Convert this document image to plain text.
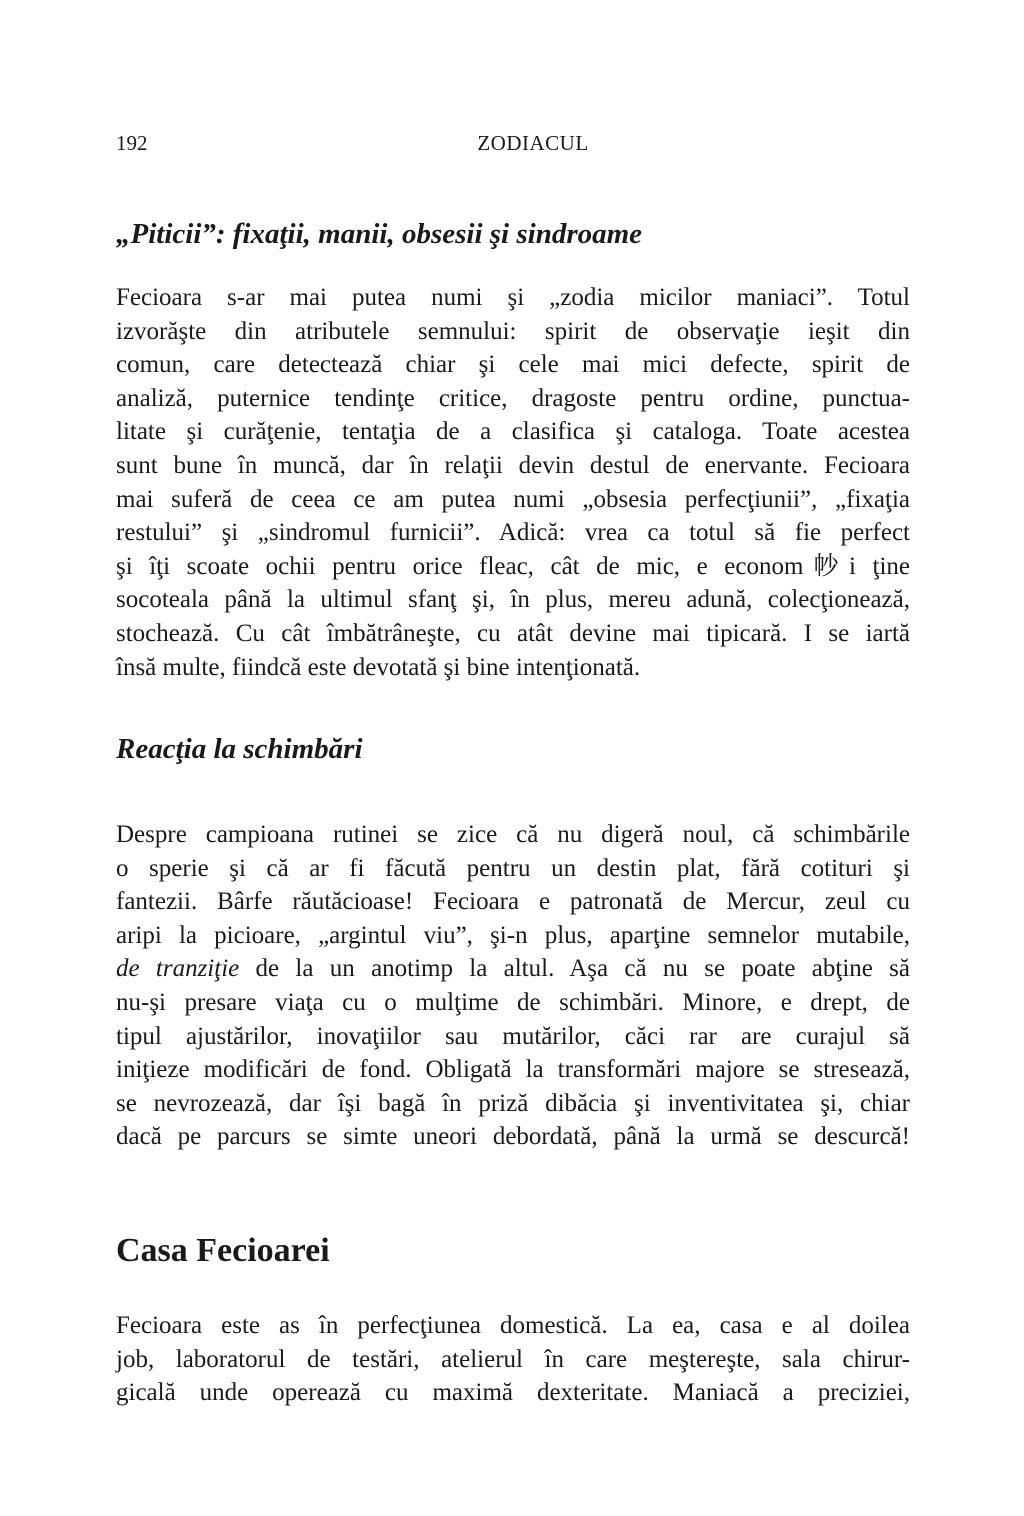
192	ZODIACUL
„Piticii”: fixaţii, manii, obsesii şi sindroame
Fecioara s-ar mai putea numi şi „zodia micilor maniaci”. Totul
izvorăşte din atributele semnului: spirit de observaţie ieşit din
comun, care detectează chiar şi cele mai mici defecte, spirit de
analiză, puternice tendinţe critice, dragoste pentru ordine, punctua-
litate şi curăţenie, tentaţia de a clasifica şi cataloga. Toate acestea
sunt bune în muncă, dar în relaţii devin destul de enervante. Fecioara
mai suferă de ceea ce am putea numi „obsesia perfecţiunii”, „fixaţia
restului” şi „sindromul furnicii”. Adică: vrea ca totul să fie perfect
şi îţi scoate ochii pentru orice fleac, cât de mic, e econom㠺i ţine
socoteala până la ultimul sfanţ şi, în plus, mereu adună, colecţionează,
stochează. Cu cât îmbătrâneşte, cu atât devine mai tipicară. I se iartă
însă multe, fiindcă este devotată şi bine intenţionată.
Reacţia la schimbări
Despre campioana rutinei se zice că nu digeră noul, că schimbările
o sperie şi că ar fi făcută pentru un destin plat, fără cotituri şi
fantezii. Bârfe răutăcioase! Fecioara e patronată de Mercur, zeul cu
aripi la picioare, „argintul viu”, şi-n plus, aparţine semnelor mutabile,
de tranziţie de la un anotimp la altul. Aşa că nu se poate abţine să
nu-şi presare viaţa cu o mulţime de schimbări. Minore, e drept, de
tipul ajustărilor, inovaţiilor sau mutărilor, căci rar are curajul să
iniţieze modificări de fond. Obligată la transformări majore se stresează,
se nevrozează, dar îşi bagă în priză dibăcia şi inventivitatea şi, chiar
dacă pe parcurs se simte uneori debordată, până la urmă se descurcă!
Casa Fecioarei
Fecioara este as în perfecţiunea domestică. La ea, casa e al doilea
job, laboratorul de testări, atelierul în care meştereşte, sala chirur-
gicală unde operează cu maximă dexteritate. Maniacă a preciziei,
